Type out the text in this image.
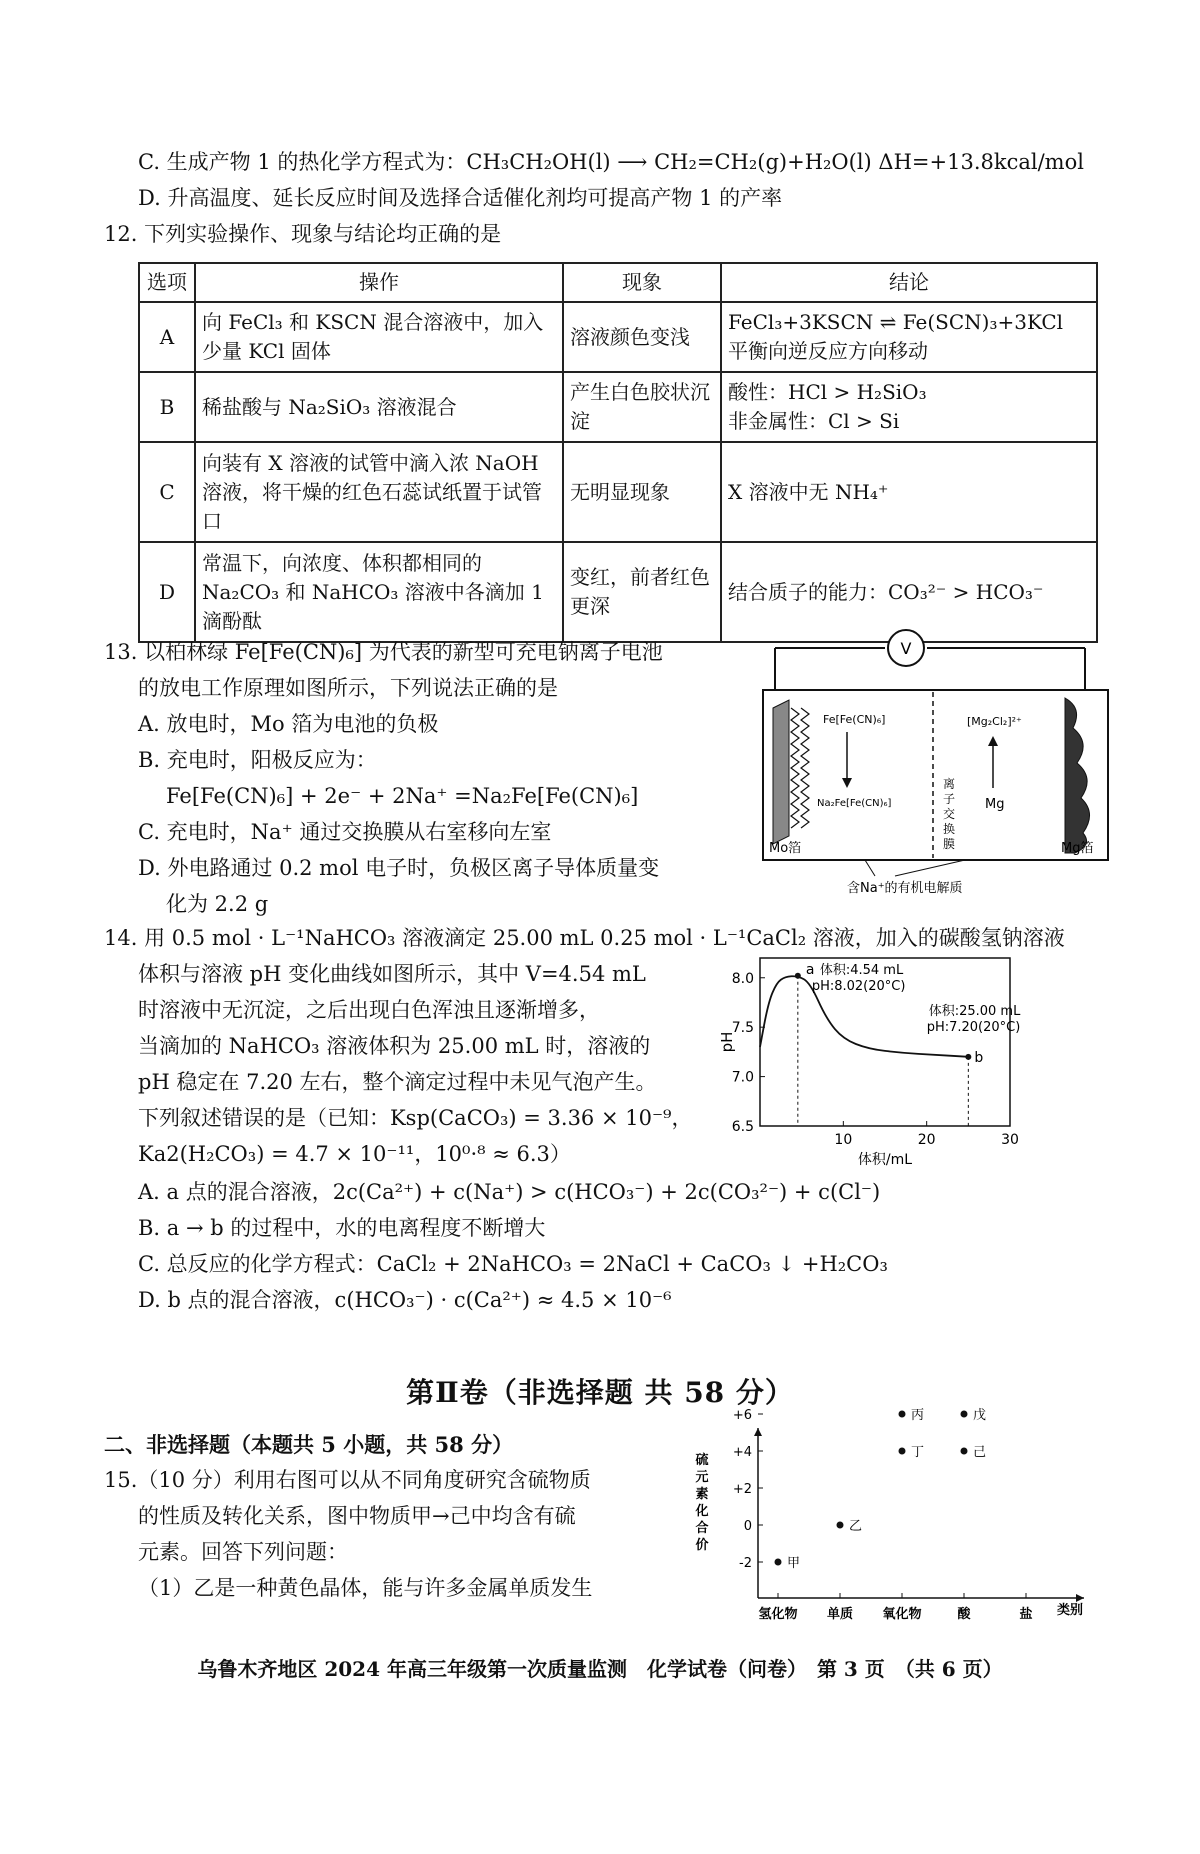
C. 生成产物 1 的热化学方程式为：CH₃CH₂OH(l) ⟶ CH₂=CH₂(g)+H₂O(l) ΔH=+13.8kcal/mol
D. 升高温度、延长反应时间及选择合适催化剂均可提高产物 1 的产率
12. 下列实验操作、现象与结论均正确的是
选项	操作	现象	结论
A	向 FeCl₃ 和 KSCN 混合溶液中，加入少量 KCl 固体	溶液颜色变浅	FeCl₃+3KSCN ⇌ Fe(SCN)₃+3KCl
平衡向逆反应方向移动

B	稀盐酸与 Na₂SiO₃ 溶液混合	产生白色胶状沉淀	酸性：HCl > H₂SiO₃
非金属性：Cl > Si

C	向装有 X 溶液的试管中滴入浓 NaOH 溶液，将干燥的红色石蕊试纸置于试管口	无明显现象	X 溶液中无 NH₄⁺
D	常温下，向浓度、体积都相同的 Na₂CO₃ 和 NaHCO₃ 溶液中各滴加 1 滴酚酞	变红，前者红色更深	结合质子的能力：CO₃²⁻ > HCO₃⁻
13. 以柏林绿 Fe[Fe(CN)₆] 为代表的新型可充电钠离子电池
的放电工作原理如图所示，下列说法正确的是
A. 放电时，Mo 箔为电池的负极
B. 充电时，阳极反应为：
Fe[Fe(CN)₆] + 2e⁻ + 2Na⁺ =Na₂Fe[Fe(CN)₆]
C. 充电时，Na⁺ 通过交换膜从右室移向左室
D. 外电路通过 0.2 mol 电子时，负极区离子导体质量变
化为 2.2 g
V
Fe[Fe(CN)₆]
Na₂Fe[Fe(CN)₆]
[Mg₂Cl₂]²⁺
Mg
离
子
交
换
膜
Mo箔	Mg箔
含Na⁺的有机电解质
14. 用 0.5 mol · L⁻¹NaHCO₃ 溶液滴定 25.00 mL 0.25 mol · L⁻¹CaCl₂ 溶液，加入的碳酸氢钠溶液
体积与溶液 pH 变化曲线如图所示，其中 V=4.54 mL
时溶液中无沉淀，之后出现白色浑浊且逐渐增多，
当滴加的 NaHCO₃ 溶液体积为 25.00 mL 时，溶液的
pH 稳定在 7.20 左右，整个滴定过程中未见气泡产生。
下列叙述错误的是（已知：Ksp(CaCO₃) = 3.36 × 10⁻⁹，
Ka2(H₂CO₃) = 4.7 × 10⁻¹¹，10⁰·⁸ ≈ 6.3）
A. a 点的混合溶液，2c(Ca²⁺) + c(Na⁺) > c(HCO₃⁻) + 2c(CO₃²⁻) + c(Cl⁻)
B. a → b 的过程中，水的电离程度不断增大
C. 总反应的化学方程式：CaCl₂ + 2NaHCO₃ = 2NaCl + CaCO₃ ↓ +H₂CO₃
D. b 点的混合溶液，c(HCO₃⁻) · c(Ca²⁺) ≈ 4.5 × 10⁻⁶
6.5
7.0
7.5
8.0
10	20	30
体积/mL
pH
a 体积:4.54 mL
pH:8.02(20°C)
b
体积:25.00 mL
pH:7.20(20°C)
第Ⅱ卷（非选择题 共 58 分）
二、非选择题（本题共 5 小题，共 58 分）
15.（10 分）利用右图可以从不同角度研究含硫物质
的性质及转化关系，图中物质甲→己中均含有硫
元素。回答下列问题：
（1）乙是一种黄色晶体，能与许多金属单质发生
硫
元
素
化
合
价
+6
+4
+2
0
-2
氢化物 单质 氧化物	酸	盐 类别
甲
乙
丙
丁
戊
己
乌鲁木齐地区 2024 年高三年级第一次质量监测　化学试卷（问卷）　第 3 页　（共 6 页）
